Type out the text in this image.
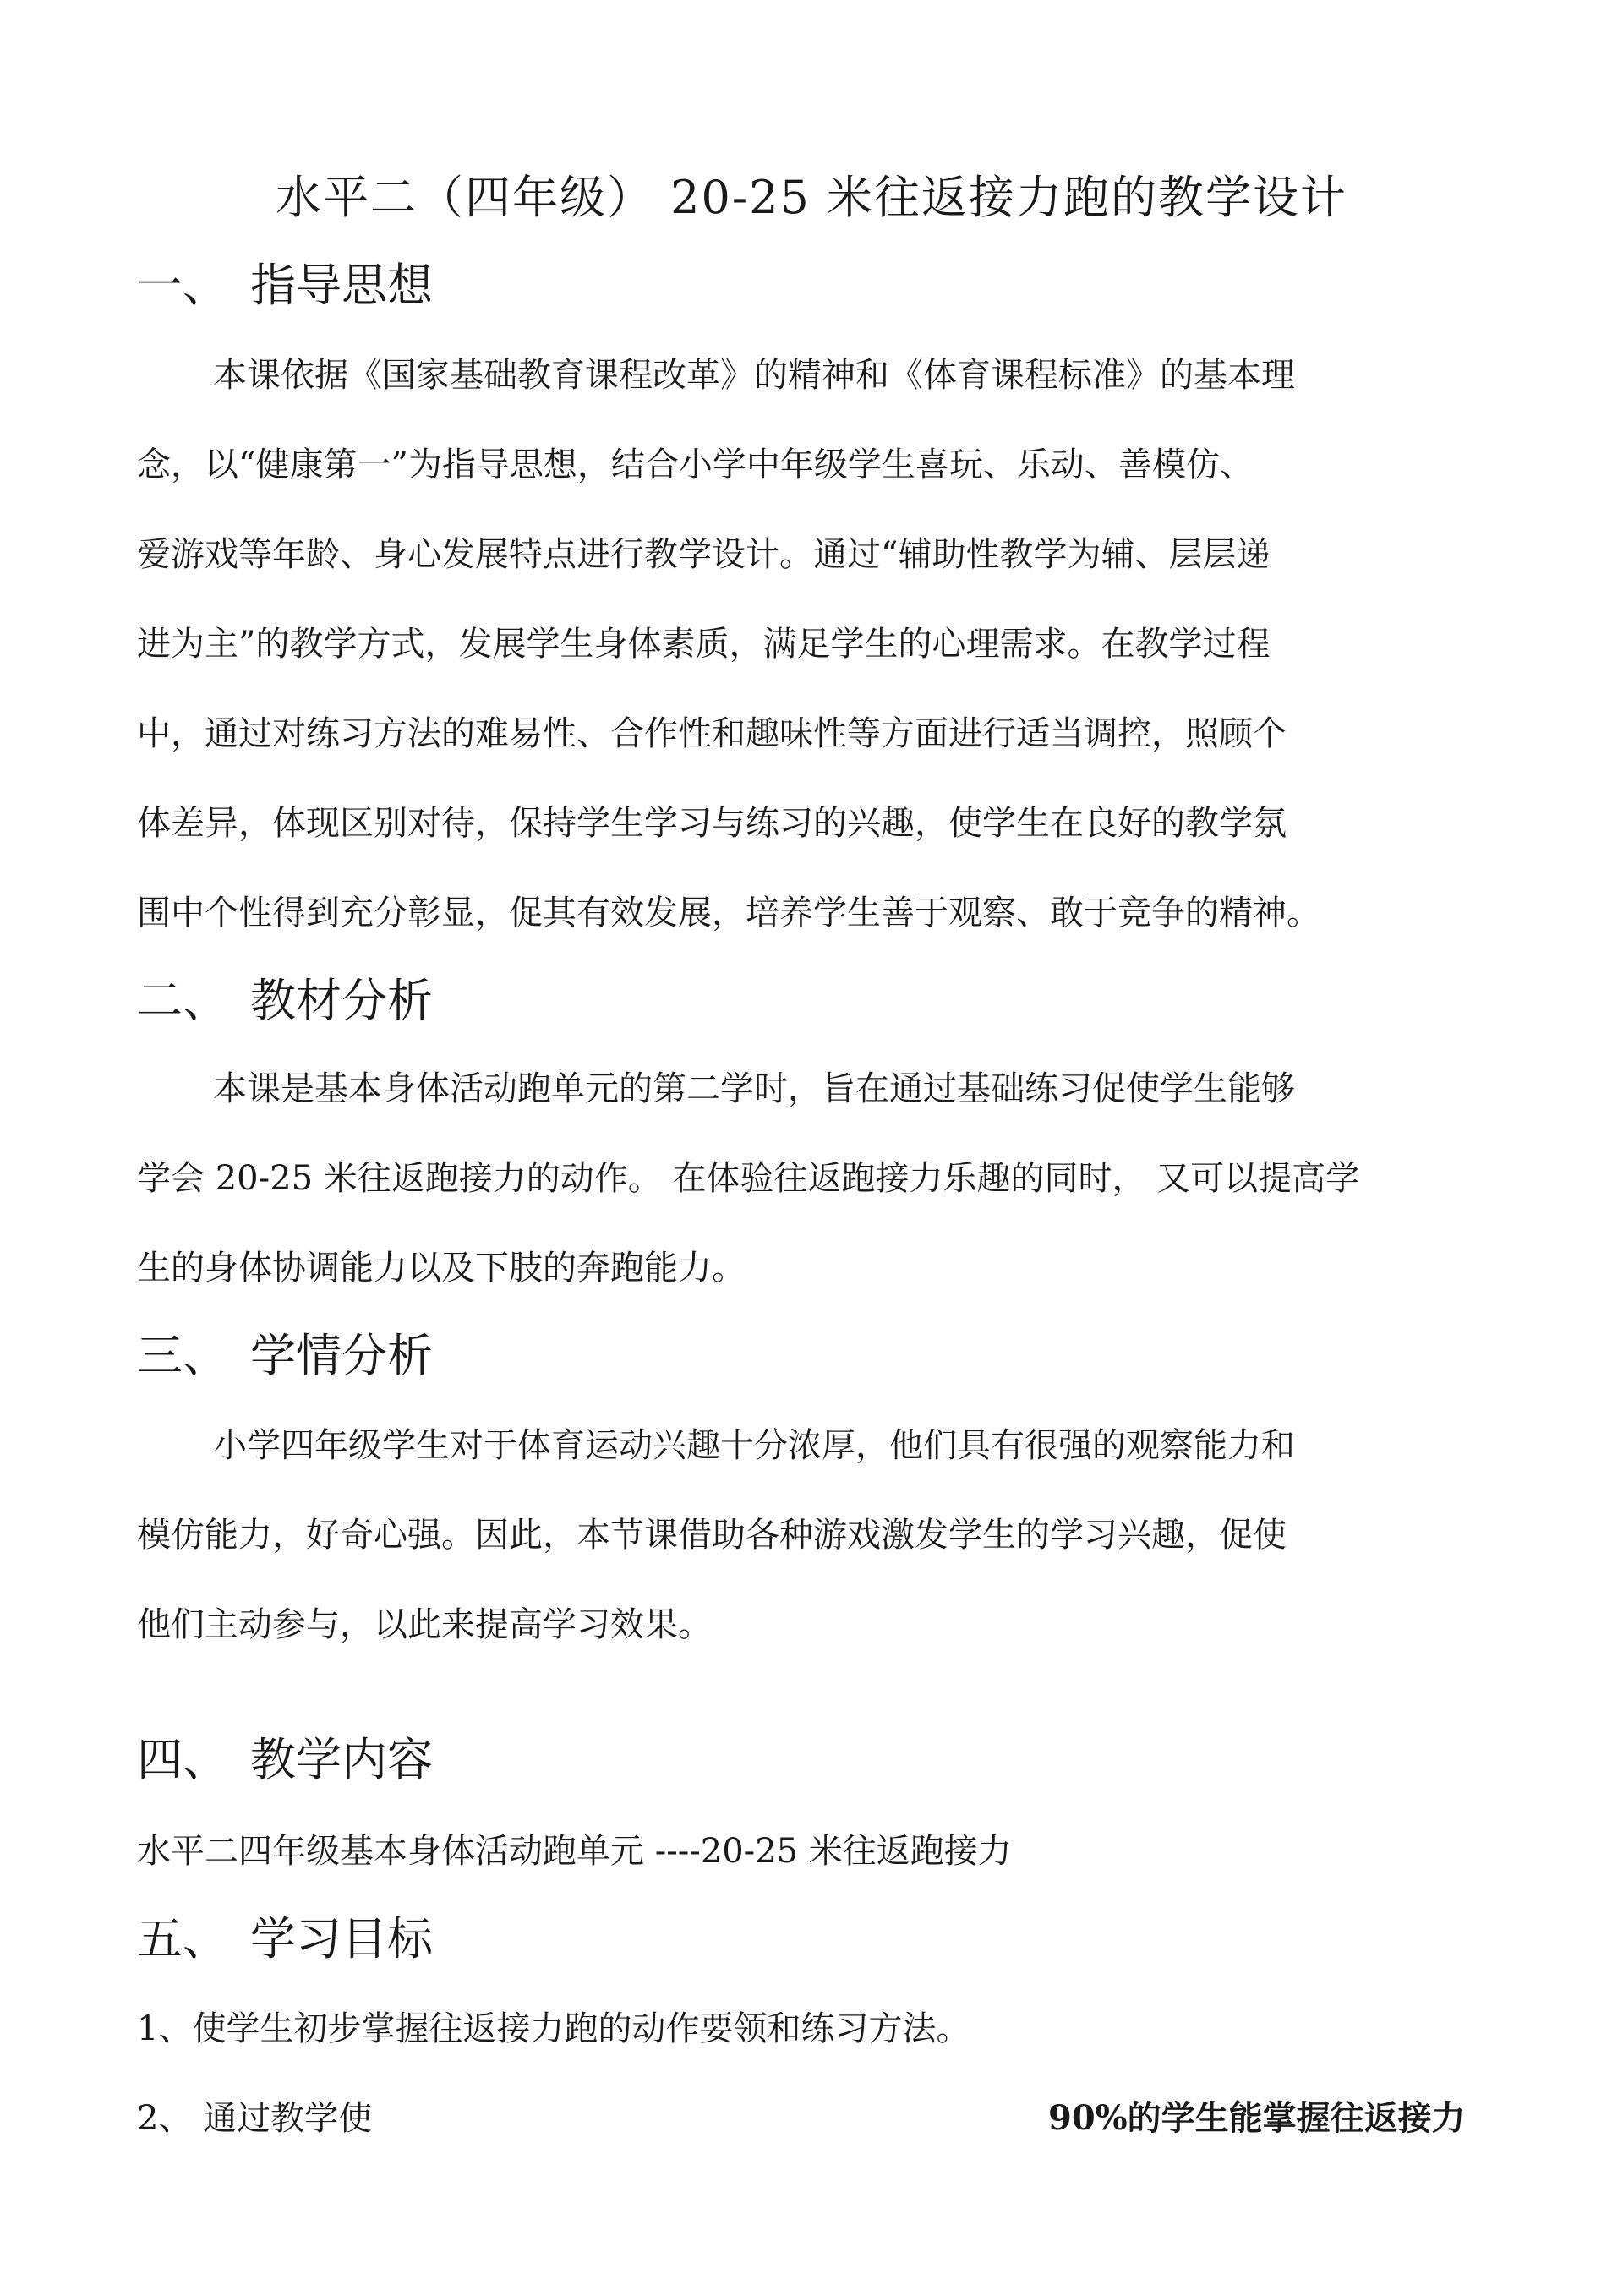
水平二（四年级） 20-25 米往返接力跑的教学设计
一、 指导思想
本课依据《国家基础教育课程改革》的精神和《体育课程标准》的基本理
念，以“健康第一”为指导思想，结合小学中年级学生喜玩、乐动、善模仿、
爱游戏等年龄、身心发展特点进行教学设计。通过“辅助性教学为辅、层层递
进为主”的教学方式，发展学生身体素质，满足学生的心理需求。在教学过程
中，通过对练习方法的难易性、合作性和趣味性等方面进行适当调控，照顾个
体差异，体现区别对待，保持学生学习与练习的兴趣，使学生在良好的教学氛
围中个性得到充分彰显，促其有效发展，培养学生善于观察、敢于竞争的精神。
二、 教材分析
本课是基本身体活动跑单元的第二学时，旨在通过基础练习促使学生能够
学会 20-25 米往返跑接力的动作。 在体验往返跑接力乐趣的同时， 又可以提高学
生的身体协调能力以及下肢的奔跑能力。
三、 学情分析
小学四年级学生对于体育运动兴趣十分浓厚，他们具有很强的观察能力和
模仿能力，好奇心强。因此，本节课借助各种游戏激发学生的学习兴趣，促使
他们主动参与，以此来提高学习效果。
四、 教学内容
水平二四年级基本身体活动跑单元 ----20-25 米往返跑接力
五、 学习目标
1、使学生初步掌握往返接力跑的动作要领和练习方法。
2、 通过教学使	90%的学生能掌握往返接力
